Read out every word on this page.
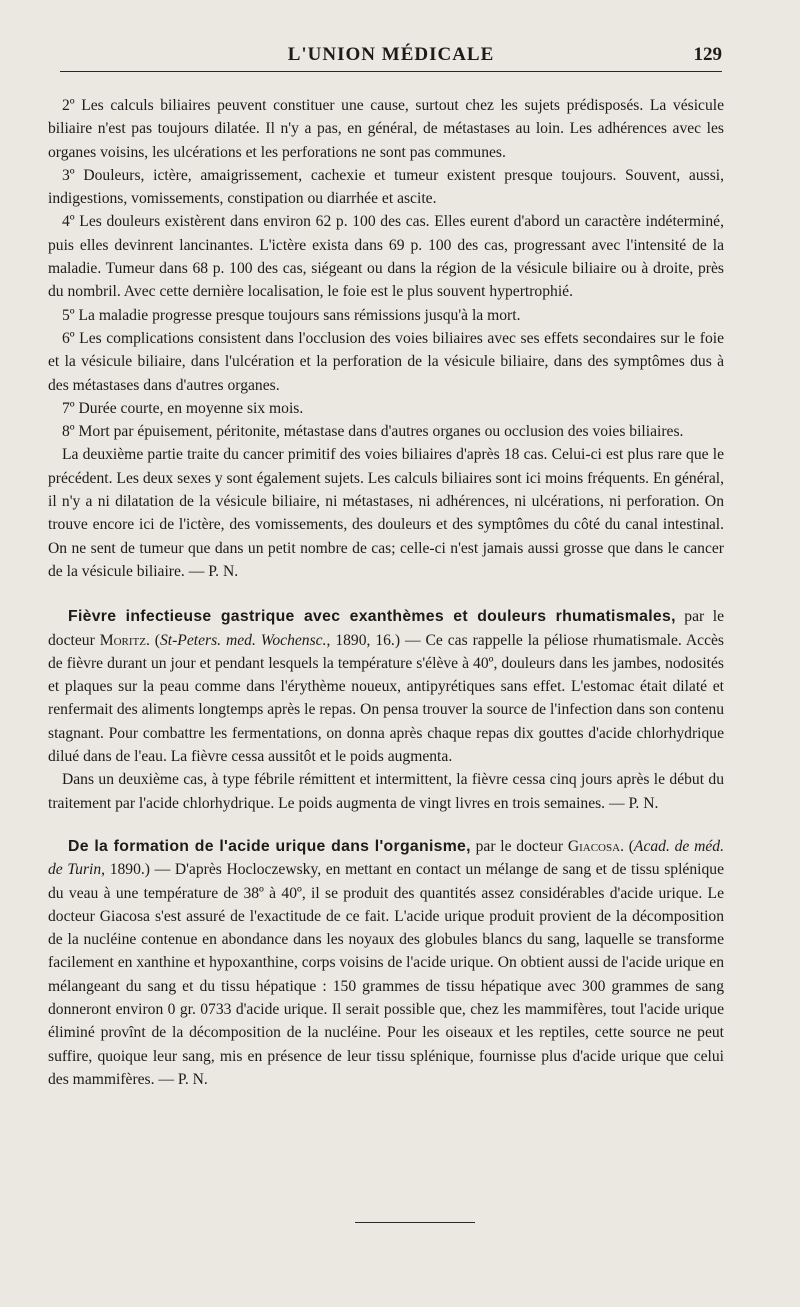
L'UNION MÉDICALE	129

2º Les calculs biliaires peuvent constituer une cause, surtout chez les sujets prédisposés. La vésicule biliaire n'est pas toujours dilatée. Il n'y a pas, en général, de métastases au loin. Les adhérences avec les organes voisins, les ulcérations et les perforations ne sont pas communes.

3º Douleurs, ictère, amaigrissement, cachexie et tumeur existent presque toujours. Souvent, aussi, indigestions, vomissements, constipation ou diarrhée et ascite.

4º Les douleurs existèrent dans environ 62 p. 100 des cas. Elles eurent d'abord un caractère indéterminé, puis elles devinrent lancinantes. L'ictère exista dans 69 p. 100 des cas, progressant avec l'intensité de la maladie. Tumeur dans 68 p. 100 des cas, siégeant ou dans la région de la vésicule biliaire ou à droite, près du nombril. Avec cette dernière localisation, le foie est le plus souvent hypertrophié.

5º La maladie progresse presque toujours sans rémissions jusqu'à la mort.

6º Les complications consistent dans l'occlusion des voies biliaires avec ses effets secondaires sur le foie et la vésicule biliaire, dans l'ulcération et la perforation de la vésicule biliaire, dans des symptômes dus à des métastases dans d'autres organes.

7º Durée courte, en moyenne six mois.

8º Mort par épuisement, péritonite, métastase dans d'autres organes ou occlusion des voies biliaires.

La deuxième partie traite du cancer primitif des voies biliaires d'après 18 cas. Celui-ci est plus rare que le précédent. Les deux sexes y sont également sujets. Les calculs biliaires sont ici moins fréquents. En général, il n'y a ni dilatation de la vésicule biliaire, ni métastases, ni adhérences, ni ulcérations, ni perforation. On trouve encore ici de l'ictère, des vomissements, des douleurs et des symptômes du côté du canal intestinal. On ne sent de tumeur que dans un petit nombre de cas; celle-ci n'est jamais aussi grosse que dans le cancer de la vésicule biliaire. — P. N.

Fièvre infectieuse gastrique avec exanthèmes et douleurs rhumatismales, par le docteur Moritz. (St-Peters. med. Wochensc., 1890, 16.) — Ce cas rappelle la péliose rhumatismale. Accès de fièvre durant un jour et pendant lesquels la température s'élève à 40º, douleurs dans les jambes, nodosités et plaques sur la peau comme dans l'érythème noueux, antipyrétiques sans effet. L'estomac était dilaté et renfermait des aliments longtemps après le repas. On pensa trouver la source de l'infection dans son contenu stagnant. Pour combattre les fermentations, on donna après chaque repas dix gouttes d'acide chlorhydrique dilué dans de l'eau. La fièvre cessa aussitôt et le poids augmenta.

Dans un deuxième cas, à type fébrile rémittent et intermittent, la fièvre cessa cinq jours après le début du traitement par l'acide chlorhydrique. Le poids augmenta de vingt livres en trois semaines. — P. N.

De la formation de l'acide urique dans l'organisme, par le docteur Giacosa. (Acad. de méd. de Turin, 1890.) — D'après Hocloczewsky, en mettant en contact un mélange de sang et de tissu splénique du veau à une température de 38º à 40º, il se produit des quantités assez considérables d'acide urique. Le docteur Giacosa s'est assuré de l'exactitude de ce fait. L'acide urique produit provient de la décomposition de la nucléine contenue en abondance dans les noyaux des globules blancs du sang, laquelle se transforme facilement en xanthine et hypoxanthine, corps voisins de l'acide urique. On obtient aussi de l'acide urique en mélangeant du sang et du tissu hépatique : 150 grammes de tissu hépatique avec 300 grammes de sang donneront environ 0 gr. 0733 d'acide urique. Il serait possible que, chez les mammifères, tout l'acide urique éliminé provînt de la décomposition de la nucléine. Pour les oiseaux et les reptiles, cette source ne peut suffire, quoique leur sang, mis en présence de leur tissu splénique, fournisse plus d'acide urique que celui des mammifères. — P. N.
